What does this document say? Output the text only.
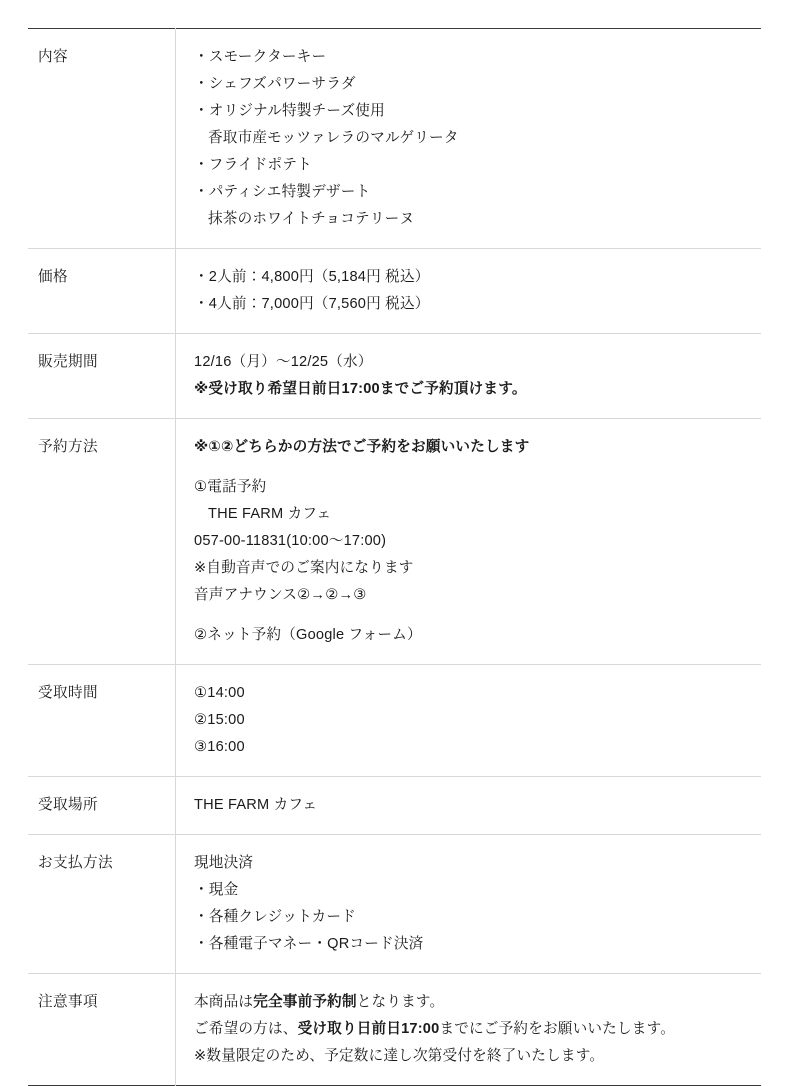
内容	・スモークターキー
・シェフズパワーサラダ
・オリジナル特製チーズ使用
香取市産モッツァレラのマルゲリータ
・フライドポテト
・パティシエ特製デザート
抹茶のホワイトチョコテリーヌ

価格	・2人前：4,800円（5,184円 税込）
・4人前：7,000円（7,560円 税込）

販売期間	12/16（月）〜12/25（水）
※受け取り希望日前日17:00までご予約頂けます。

予約方法	※①②どちらかの方法でご予約をお願いいたします

①電話予約
THE FARM カフェ
057-00-11831(10:00〜17:00)
※自動音声でのご案内になります
音声アナウンス②→②→③

②ネット予約（Google フォーム）

受取時間	①14:00
②15:00
③16:00

受取場所	THE FARM カフェ

お支払方法	現地決済
・現金
・各種クレジットカード
・各種電子マネー・QRコード決済

注意事項	本商品は完全事前予約制となります。
ご希望の方は、受け取り日前日17:00までにご予約をお願いいたします。
※数量限定のため、予定数に達し次第受付を終了いたします。
